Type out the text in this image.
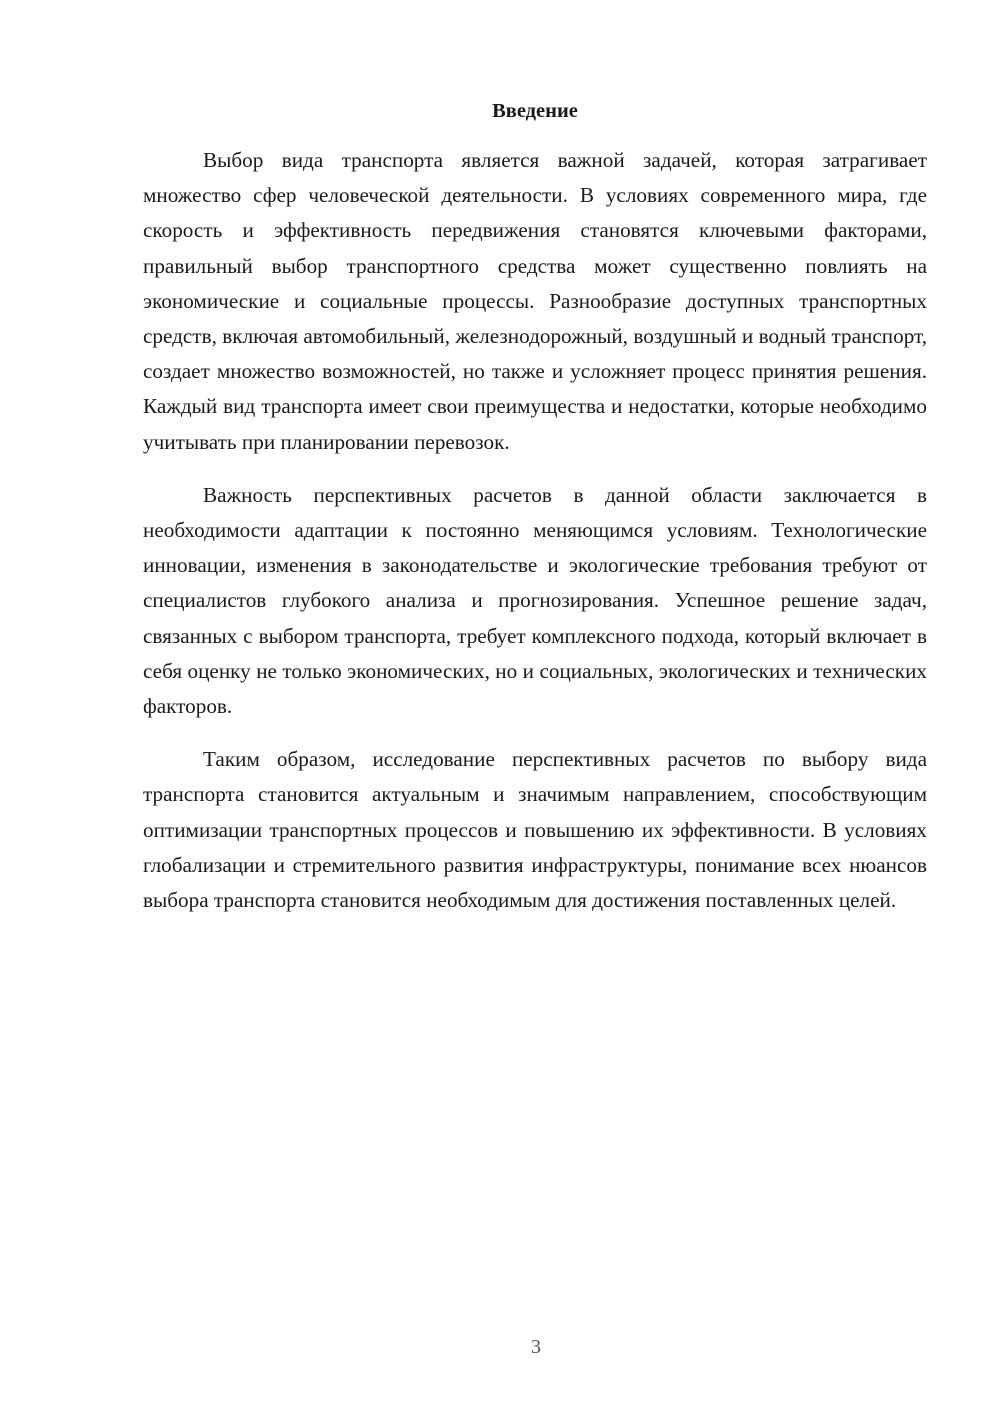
Введение

Выбор вида транспорта является важной задачей, которая затрагивает множество сфер человеческой деятельности. В условиях современного мира, где скорость и эффективность передвижения становятся ключевыми факторами, правильный выбор транспортного средства может существенно повлиять на экономические и социальные процессы. Разнообразие доступных транспортных средств, включая автомобильный, железнодорожный, воздушный и водный транспорт, создает множество возможностей, но также и усложняет процесс принятия решения. Каждый вид транспорта имеет свои преимущества и недостатки, которые необходимо учитывать при планировании перевозок.

Важность перспективных расчетов в данной области заключается в необходимости адаптации к постоянно меняющимся условиям. Технологические инновации, изменения в законодательстве и экологические требования требуют от специалистов глубокого анализа и прогнозирования. Успешное решение задач, связанных с выбором транспорта, требует комплексного подхода, который включает в себя оценку не только экономических, но и социальных, экологических и технических факторов.

Таким образом, исследование перспективных расчетов по выбору вида транспорта становится актуальным и значимым направлением, способствующим оптимизации транспортных процессов и повышению их эффективности. В условиях глобализации и стремительного развития инфраструктуры, понимание всех нюансов выбора транспорта становится необходимым для достижения поставленных целей.

3
